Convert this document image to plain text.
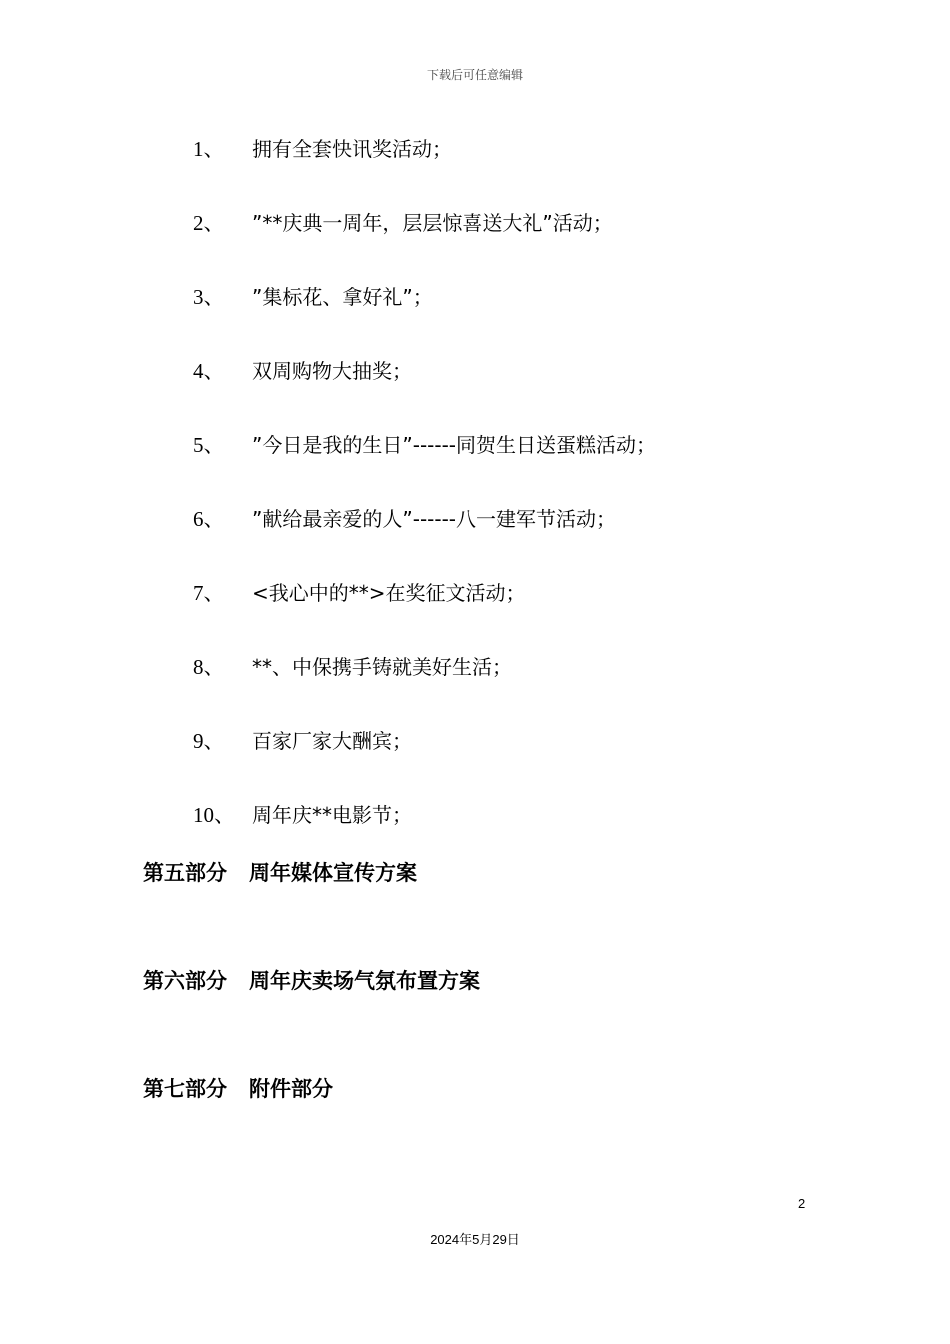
下载后可任意编辑
1、 拥有全套快讯奖活动；
2、 ”**庆典一周年，层层惊喜送大礼”活动；
3、 ”集标花、拿好礼”；
4、 双周购物大抽奖；
5、 ”今日是我的生日”------同贺生日送蛋糕活动；
6、 ”献给最亲爱的人”------八一建军节活动；
7、 <我心中的**>在奖征文活动；
8、 **、中保携手铸就美好生活；
9、 百家厂家大酬宾；
10、 周年庆**电影节；
第五部分 周年媒体宣传方案
第六部分 周年庆卖场气氛布置方案
第七部分 附件部分
2
2024年5月29日
